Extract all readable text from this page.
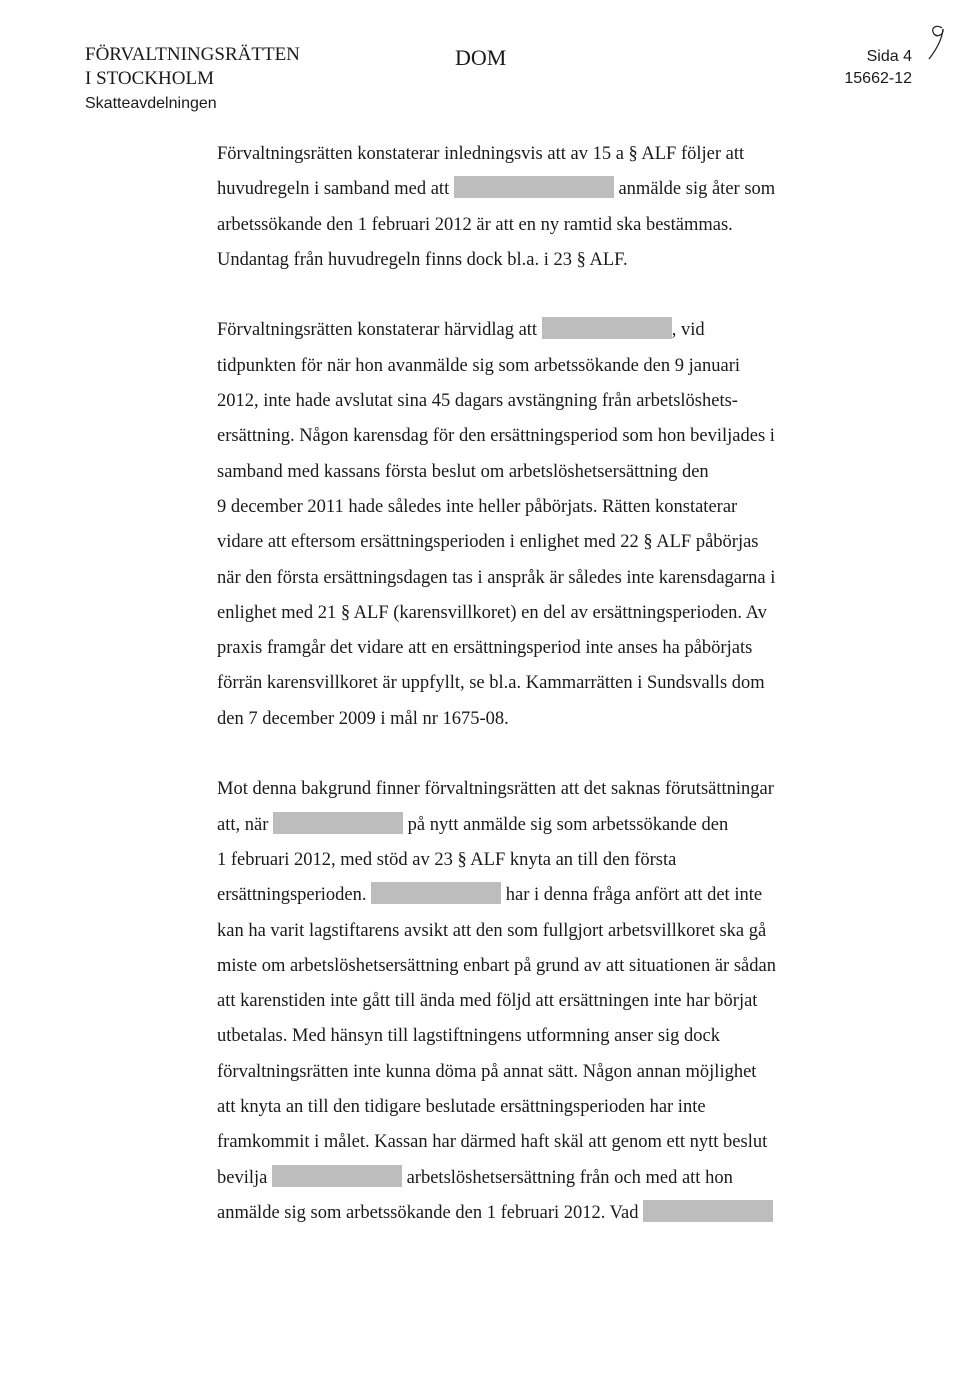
FÖRVALTNINGSRÄTTEN
I STOCKHOLM
Skatteavdelningen
DOM	Sida 4
15662-12

Förvaltningsrätten konstaterar inledningsvis att av 15 a § ALF följer att
huvudregeln i samband med att	anmälde sig åter som
arbetssökande den 1 februari 2012 är att en ny ramtid ska bestämmas.
Undantag från huvudregeln finns dock bl.a. i 23 § ALF.

Förvaltningsrätten konstaterar härvidlag att	, vid
tidpunkten för när hon avanmälde sig som arbetssökande den 9 januari
2012, inte hade avslutat sina 45 dagars avstängning från arbetslöshets-
ersättning. Någon karensdag för den ersättningsperiod som hon beviljades i
samband med kassans första beslut om arbetslöshetsersättning den
9 december 2011 hade således inte heller påbörjats. Rätten konstaterar
vidare att eftersom ersättningsperioden i enlighet med 22 § ALF påbörjas
när den första ersättningsdagen tas i anspråk är således inte karensdagarna i
enlighet med 21 § ALF (karensvillkoret) en del av ersättningsperioden. Av
praxis framgår det vidare att en ersättningsperiod inte anses ha påbörjats
förrän karensvillkoret är uppfyllt, se bl.a. Kammarrätten i Sundsvalls dom
den 7 december 2009 i mål nr 1675-08.

Mot denna bakgrund finner förvaltningsrätten att det saknas förutsättningar
att, när	på nytt anmälde sig som arbetssökande den
1 februari 2012, med stöd av 23 § ALF knyta an till den första
ersättningsperioden.	har i denna fråga anfört att det inte
kan ha varit lagstiftarens avsikt att den som fullgjort arbetsvillkoret ska gå
miste om arbetslöshetsersättning enbart på grund av att situationen är sådan
att karenstiden inte gått till ända med följd att ersättningen inte har börjat
utbetalas. Med hänsyn till lagstiftningens utformning anser sig dock
förvaltningsrätten inte kunna döma på annat sätt. Någon annan möjlighet
att knyta an till den tidigare beslutade ersättningsperioden har inte
framkommit i målet. Kassan har därmed haft skäl att genom ett nytt beslut
bevilja	arbetslöshetsersättning från och med att hon
anmälde sig som arbetssökande den 1 februari 2012. Vad
